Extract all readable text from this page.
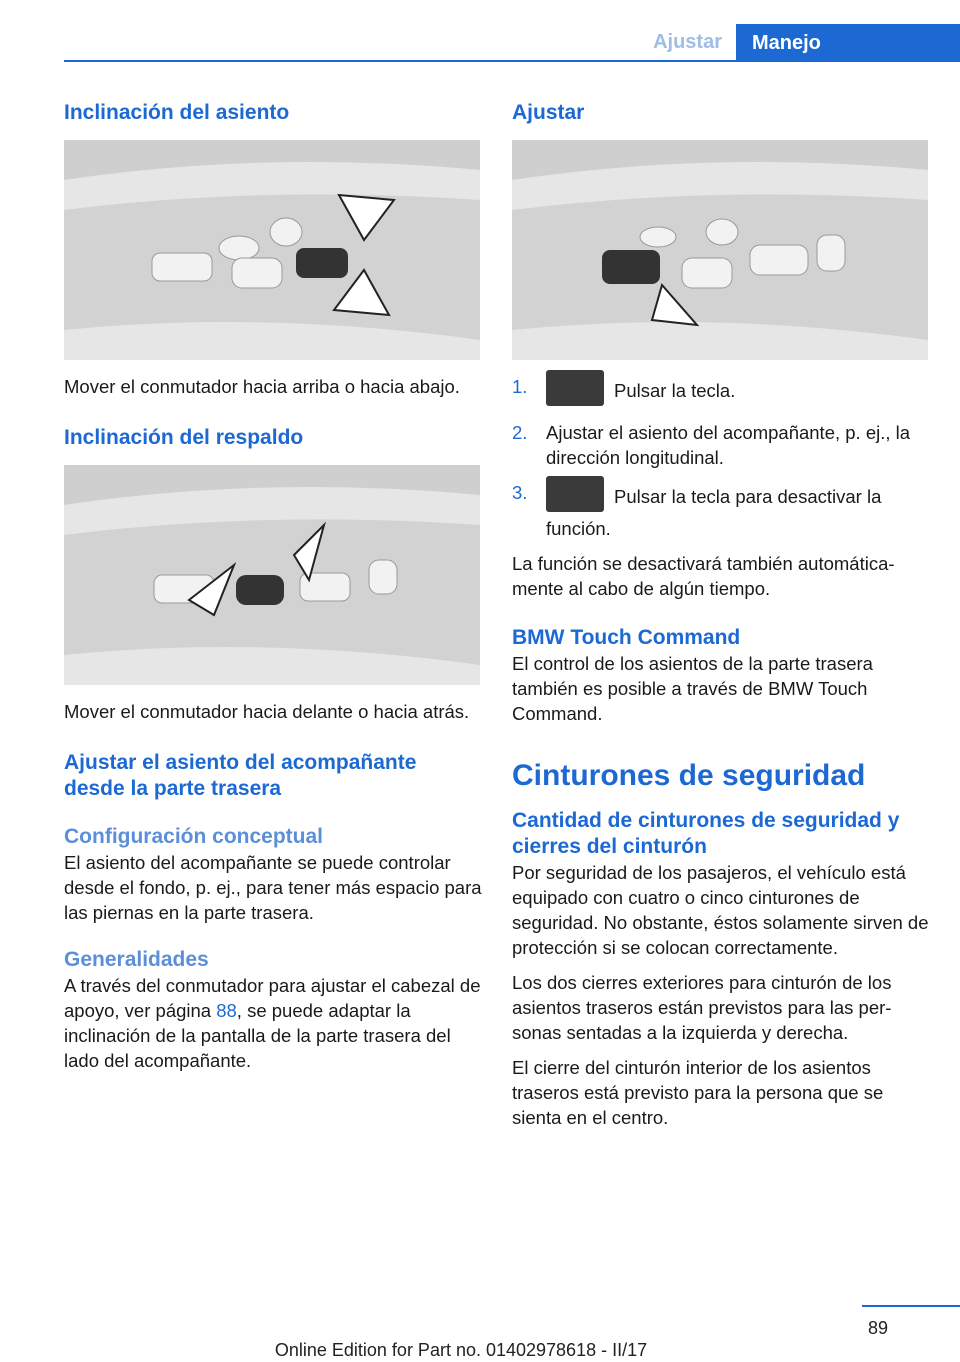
Ajustar	Manejo
Inclinación del asiento

Mover el conmutador hacia arriba o hacia abajo.

Inclinación del respaldo

Mover el conmutador hacia delante o hacia atrás.

Ajustar el asiento del acompañante desde la parte trasera
Configuración conceptual

El asiento del acompañante se puede controlar desde el fondo, p. ej., para tener más espacio para las piernas en la parte trasera.

Generalidades

A través del conmutador para ajustar el cabezal de apoyo, ver página 88, se puede adaptar la inclinación de la pantalla de la parte trasera del lado del acompañante.

Ajustar
1.	Pulsar la tecla.
2.	Ajustar el asiento del acompañante, p. ej., la dirección longitudinal.
3.	Pulsar la tecla para desactivar la función.

La función se desactivará también automáticamente al cabo de algún tiempo.

BMW Touch Command

El control de los asientos de la parte trasera también es posible a través de BMW Touch Command.

Cinturones de seguridad
Cantidad de cinturones de seguridad y cierres del cinturón

Por seguridad de los pasajeros, el vehículo está equipado con cuatro o cinco cinturones de seguridad. No obstante, éstos solamente sirven de protección si se colocan correctamente.

Los dos cierres exteriores para cinturón de los asientos traseros están previstos para las personas sentadas a la izquierda y derecha.

El cierre del cinturón interior de los asientos traseros está previsto para la persona que se sienta en el centro.

89
Online Edition for Part no. 01402978618 - II/17
